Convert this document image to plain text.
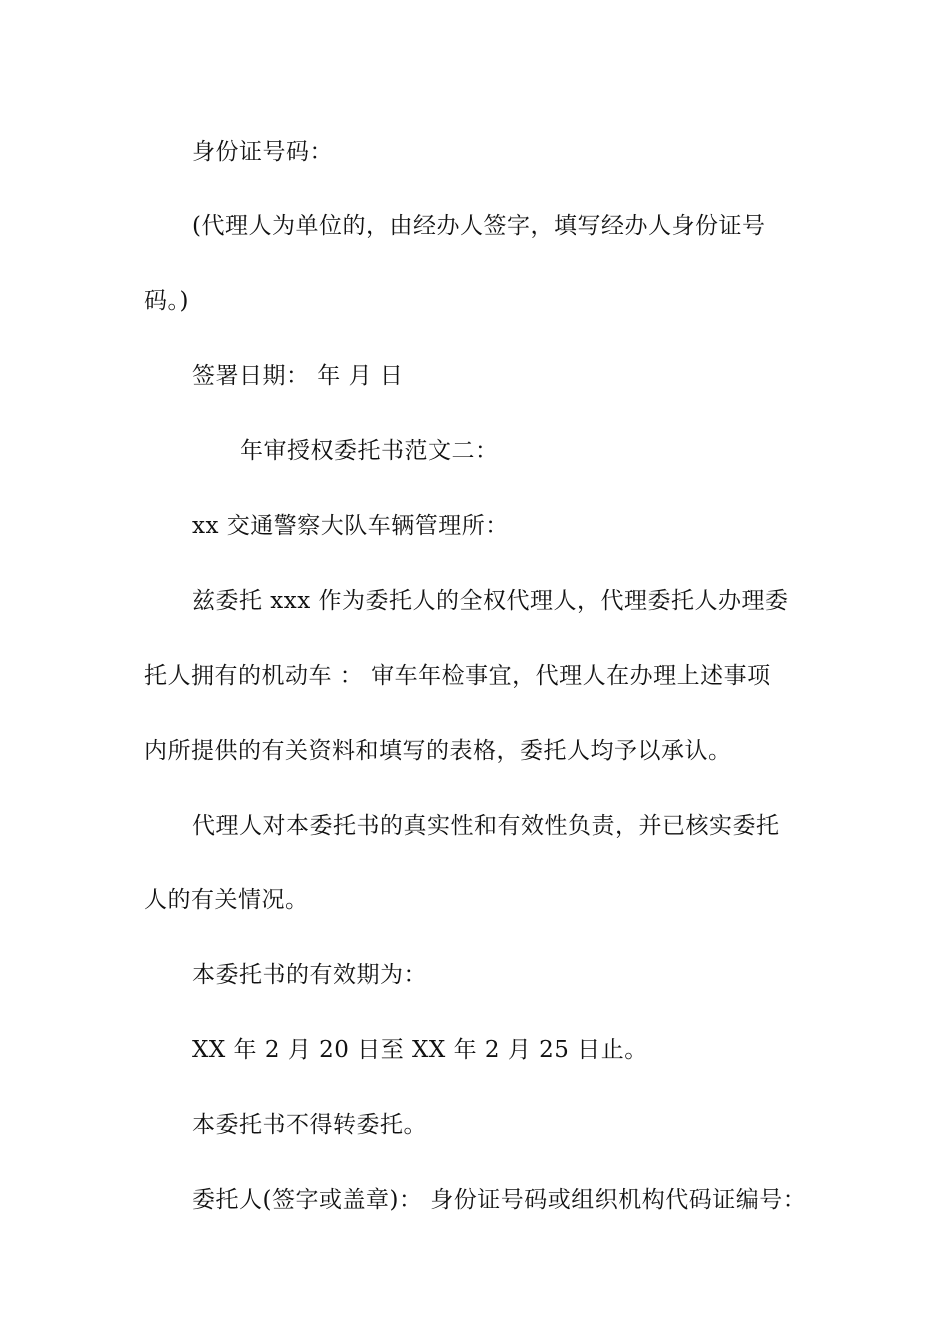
身份证号码：
(代理人为单位的，由经办人签字，填写经办人身份证号
码。)
签署日期： 年 月 日
年审授权委托书范文二：
xx 交通警察大队车辆管理所：
兹委托 xxx 作为委托人的全权代理人，代理委托人办理委
托人拥有的机动车 ： 审车年检事宜，代理人在办理上述事项
内所提供的有关资料和填写的表格，委托人均予以承认。
代理人对本委托书的真实性和有效性负责，并已核实委托
人的有关情况。
本委托书的有效期为：
XX 年 2 月 20 日至 XX 年 2 月 25 日止。
本委托书不得转委托。
委托人(签字或盖章)： 身份证号码或组织机构代码证编号：
